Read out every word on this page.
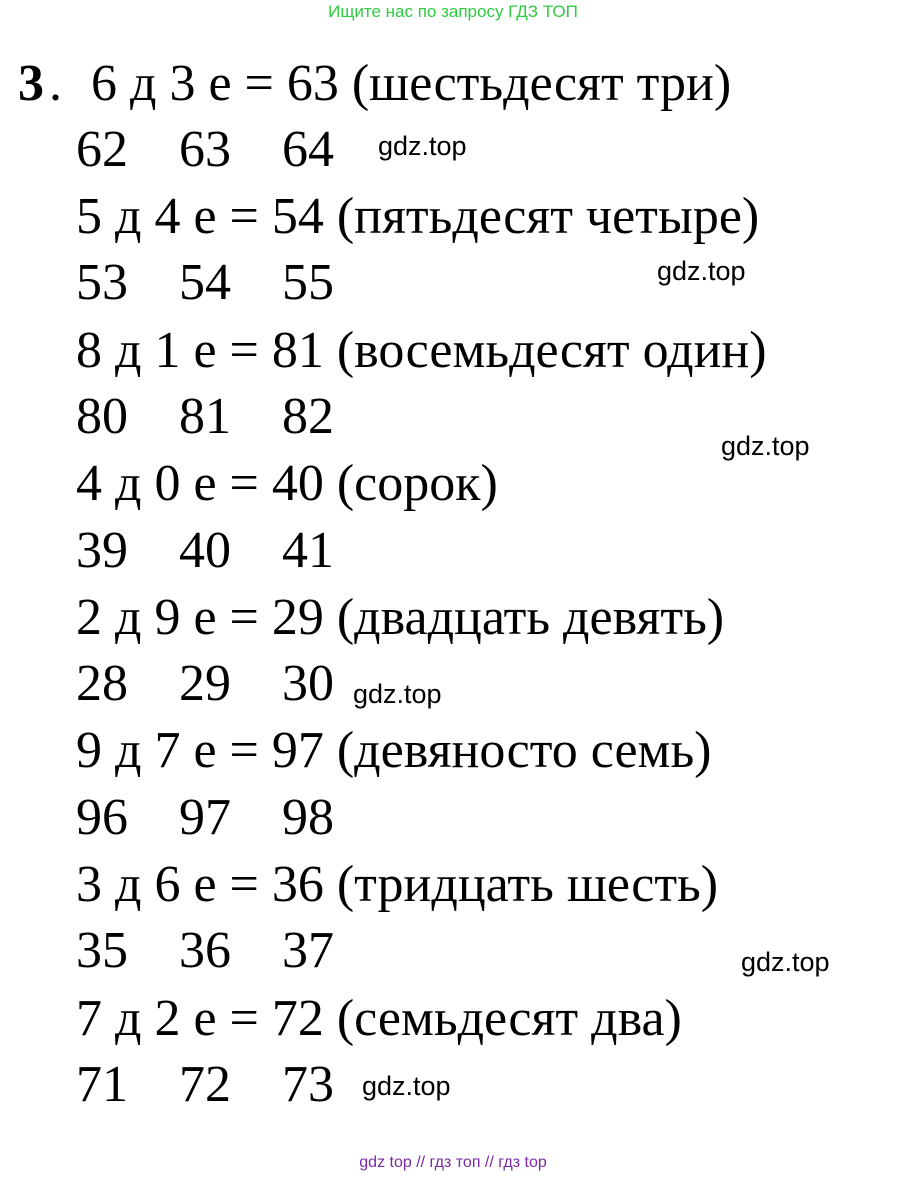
Ищите нас по запросу ГДЗ ТОП
3 . 6 д 3 е = 63 (шестьдесят три)
62 63 64
5 д 4 е = 54 (пятьдесят четыре)
53 54 55
8 д 1 е = 81 (восемьдесят один)
80 81 82
4 д 0 е = 40 (сорок)
39 40 41
2 д 9 е = 29 (двадцать девять)
28 29 30
9 д 7 е = 97 (девяносто семь)
96 97 98
3 д 6 е = 36 (тридцать шесть)
35 36 37
7 д 2 е = 72 (семьдесят два)
71 72 73
gdz.top
gdz.top
gdz.top
gdz.top
gdz.top
gdz.top
gdz top // гдз топ // гдз top
